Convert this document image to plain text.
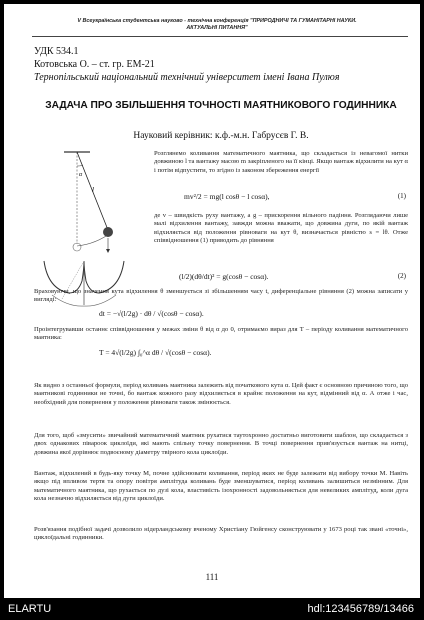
V Всеукраїнська студентська науково - технічна конференція "ПРИРОДНИЧІ ТА ГУМАНІТАРНІ НАУКИ.
АКТУАЛЬНІ ПИТАННЯ"
УДК 534.1
Котовська О. – ст. гр. ЕМ-21
Тернопільський національний технічний університет імені Івана Пулюя
ЗАДАЧА ПРО ЗБІЛЬШЕННЯ ТОЧНОСТІ МАЯТНИКОВОГО ГОДИННИКА
Науковий керівник: к.ф.-м.н. Габрусєв Г. В.
l
α
Розглянемо коливання математичного маятника, що складається із невагомої нитки довжиною l та вантажу масою m закріпленого на її кінці. Якщо вантаж відхилити на кут α і потім відпустити, то згідно із законом збереження енергії
mv²/2 = mg(l cosθ − l cosα),	(1)
де v – швидкість руху вантажу, а g – прискорення вільного падіння. Розглядаючи лише малі відхилення вантажу, завжди можна вважати, що довжина дуги, по якій вантаж відхиляється від положення рівноваги на кут θ, визначається рівністю s = lθ. Отже співвідношення (1) приводить до рівняння
(l/2)(dθ/dt)² = g(cosθ − cosα).	(2)
Враховуючи, що значення кута відхилення θ зменшується зі збільшенням часу t, диференціальне рівняння (2) можна записати у вигляді:
dt = −√(l/2g) · dθ / √(cosθ − cosα).
Проінтегрувавши останнє співвідношення у межах зміни θ від α до 0, отримаємо вираз для T – періоду коливання математичного маятника:
T = 4√(l/2g) ∫₀^α dθ / √(cosθ − cosα).
Як видно з останньої формули, період коливань маятника залежить від початкового кута α. Цей факт є основною причиною того, що маятникові годинники не точні, бо вантаж кожного разу відхиляється в крайнє положення на кут, відмінний від α. А отже і час, необхідний для повернення у положення рівноваги також змінюється.
Для того, щоб «змусити» звичайний математичний маятник рухатися таутохронно достатньо виготовити шаблон, що складається з двох однакових півароок циклоїди, які мають спільну точку повернення. В точці повернення прив'язується вантаж на нитці, довжина якої дорівнює подвоєному діаметру твірного кола циклоїди.
Вантаж, відхилений в будь-яку точку M, почне здійснювати коливання, період яких не буде залежати від вибору точки M. Навіть якщо під впливом тертя та опору повітря амплітуда коливань буде зменшуватися, період коливань залишиться незмінним. Для математичного маятника, що рухається по дузі кола, властивість ізохронності задовольняється для невеликих амплітуд, коли дуга кола незначно відхиляється від дуги циклоїди.
Розв'язання подібної задачі дозволило нідерландському вченому Христіану Гюйгенсу сконструювати у 1673 році так звані «точні», циклоїдальні годинники.
111
ELARTU	hdl:123456789/13466
